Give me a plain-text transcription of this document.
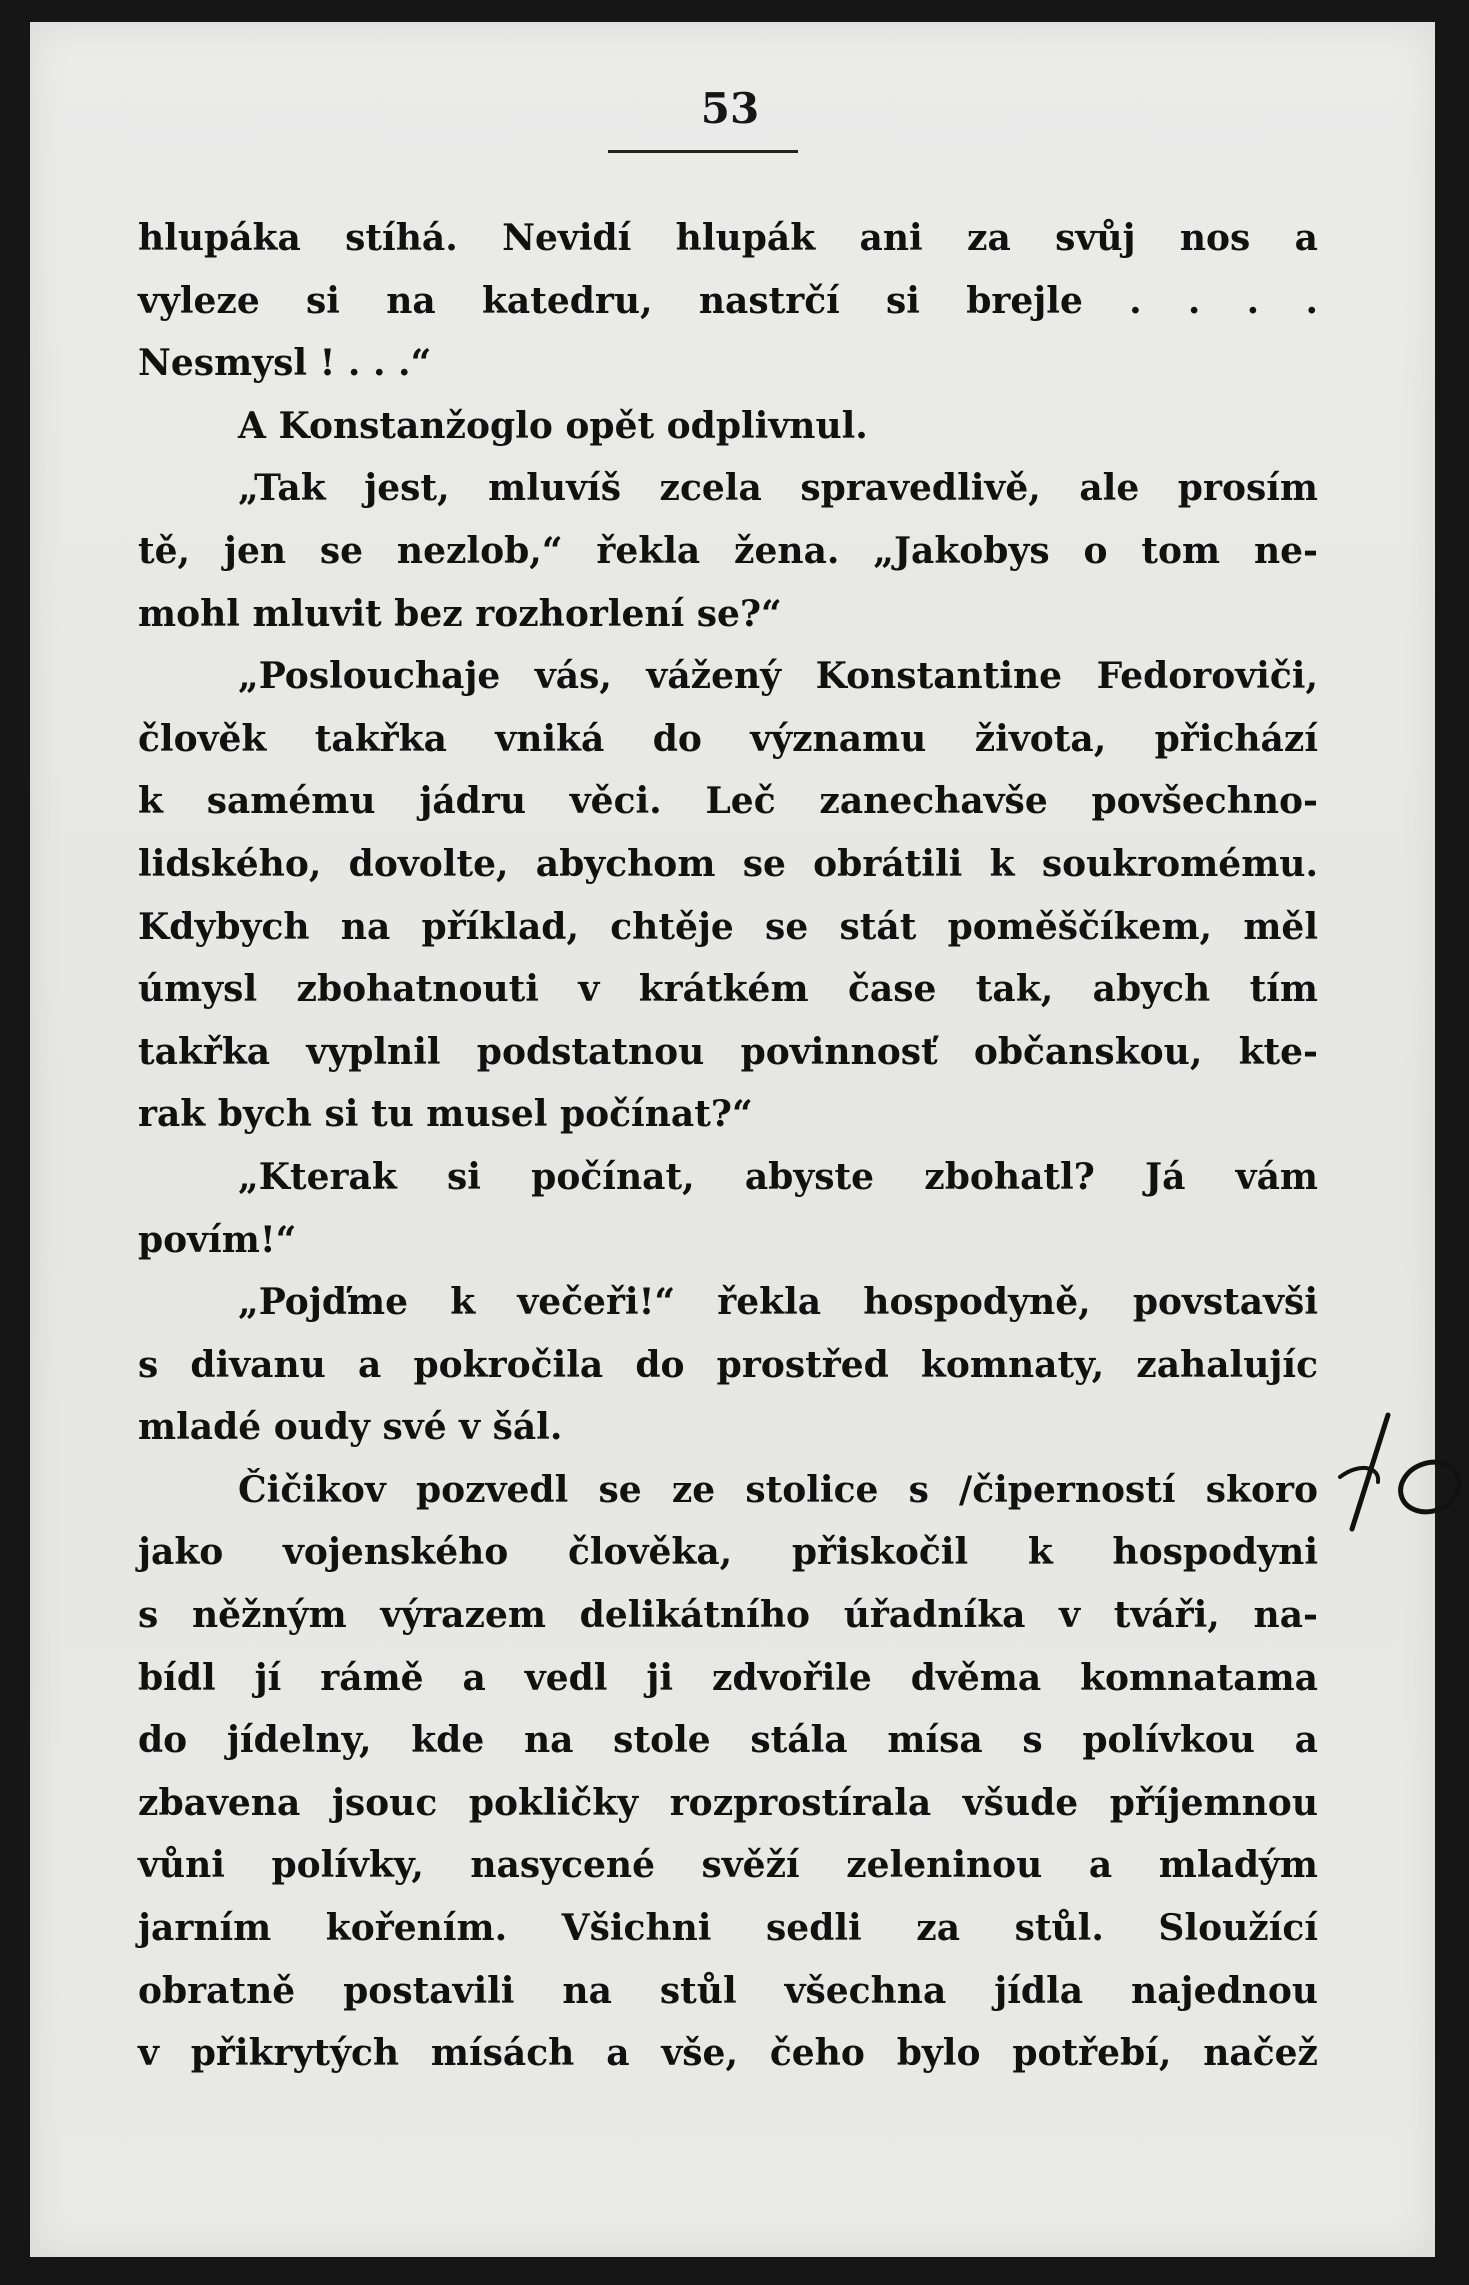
53
hlupáka stíhá. Nevidí hlupák ani za svůj nos a
vyleze si na katedru, nastrčí si brejle . . . .
Nesmysl ! . . .“
A Konstanžoglo opět odplivnul.
„Tak jest, mluvíš zcela spravedlivě, ale prosím
tě, jen se nezlob,“ řekla žena. „Jakobys o tom ne-
mohl mluvit bez rozhorlení se?“
„Poslouchaje vás, vážený Konstantine Fedoroviči,
člověk takřka vniká do významu života, přichází
k samému jádru věci. Leč zanechavše povšechno-
lidského, dovolte, abychom se obrátili k soukromému.
Kdybych na příklad, chtěje se stát poměščíkem, měl
úmysl zbohatnouti v krátkém čase tak, abych tím
takřka vyplnil podstatnou povinnosť občanskou, kte-
rak bych si tu musel počínat?“
„Kterak si počínat, abyste zbohatl? Já vám
povím!“
„Pojďme k večeři!“ řekla hospodyně, povstavši
s divanu a pokročila do prostřed komnaty, zahalujíc
mladé oudy své v šál.
Čičikov pozvedl se ze stolice s /čiperností skoro
jako vojenského člověka, přiskočil k hospodyni
s něžným výrazem delikátního úřadníka v tváři, na-
bídl jí rámě a vedl ji zdvořile dvěma komnatama
do jídelny, kde na stole stála mísa s polívkou a
zbavena jsouc pokličky rozprostírala všude příjemnou
vůni polívky, nasycené svěží zeleninou a mladým
jarním kořením. Všichni sedli za stůl. Sloužící
obratně postavili na stůl všechna jídla najednou
v přikrytých mísách a vše, čeho bylo potřebí, načež
